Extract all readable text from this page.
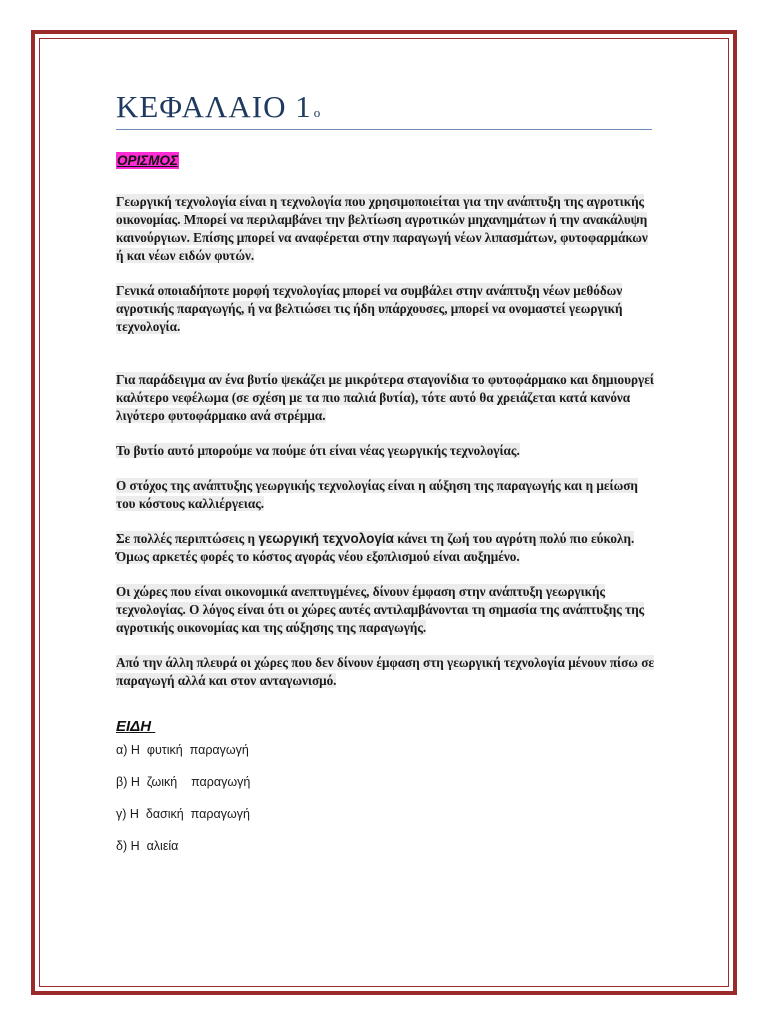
ΚΕΦΑΛΑΙΟ 1 $^o$
ΟΡΙΣΜΟΣ

Γεωργική τεχνολογία είναι η τεχνολογία που χρησιμοποιείται για την ανάπτυξη της αγροτικής οικονομίας. Μπορεί να περιλαμβάνει την βελτίωση αγροτικών μηχανημάτων ή την ανακάλυψη καινούργιων. Επίσης μπορεί να αναφέρεται στην παραγωγή νέων λιπασμάτων, φυτοφαρμάκων ή και νέων ειδών φυτών.

Γενικά οποιαδήποτε μορφή τεχνολογίας μπορεί να συμβάλει στην ανάπτυξη νέων μεθόδων αγροτικής παραγωγής, ή να βελτιώσει τις ήδη υπάρχουσες, μπορεί να ονομαστεί γεωργική τεχνολογία.

Για παράδειγμα αν ένα βυτίο ψεκάζει με μικρότερα σταγονίδια το φυτοφάρμακο και δημιουργεί καλύτερο νεφέλωμα (σε σχέση με τα πιο παλιά βυτία), τότε αυτό θα χρειάζεται κατά κανόνα λιγότερο φυτοφάρμακο ανά στρέμμα.

Το βυτίο αυτό μπορούμε να πούμε ότι είναι νέας γεωργικής τεχνολογίας.

Ο στόχος της ανάπτυξης γεωργικής τεχνολογίας είναι η αύξηση της παραγωγής και η μείωση του κόστους καλλιέργειας.

Σε πολλές περιπτώσεις η γεωργική τεχνολογία κάνει τη ζωή του αγρότη πολύ πιο εύκολη. Όμως αρκετές φορές το κόστος αγοράς νέου εξοπλισμού είναι αυξημένο.

Οι χώρες που είναι οικονομικά ανεπτυγμένες, δίνουν έμφαση στην ανάπτυξη γεωργικής τεχνολογίας. Ο λόγος είναι ότι οι χώρες αυτές αντιλαμβάνονται τη σημασία της ανάπτυξης της αγροτικής οικονομίας και της αύξησης της παραγωγής.

Από την άλλη πλευρά οι χώρες που δεν δίνουν έμφαση στη γεωργική τεχνολογία μένουν πίσω σε παραγωγή αλλά και στον ανταγωνισμό.

ΕΙΔΗ
α) Η  φυτική  παραγωγή
β) Η  ζωική    παραγωγή
γ) Η  δασική  παραγωγή
δ) Η  αλιεία
